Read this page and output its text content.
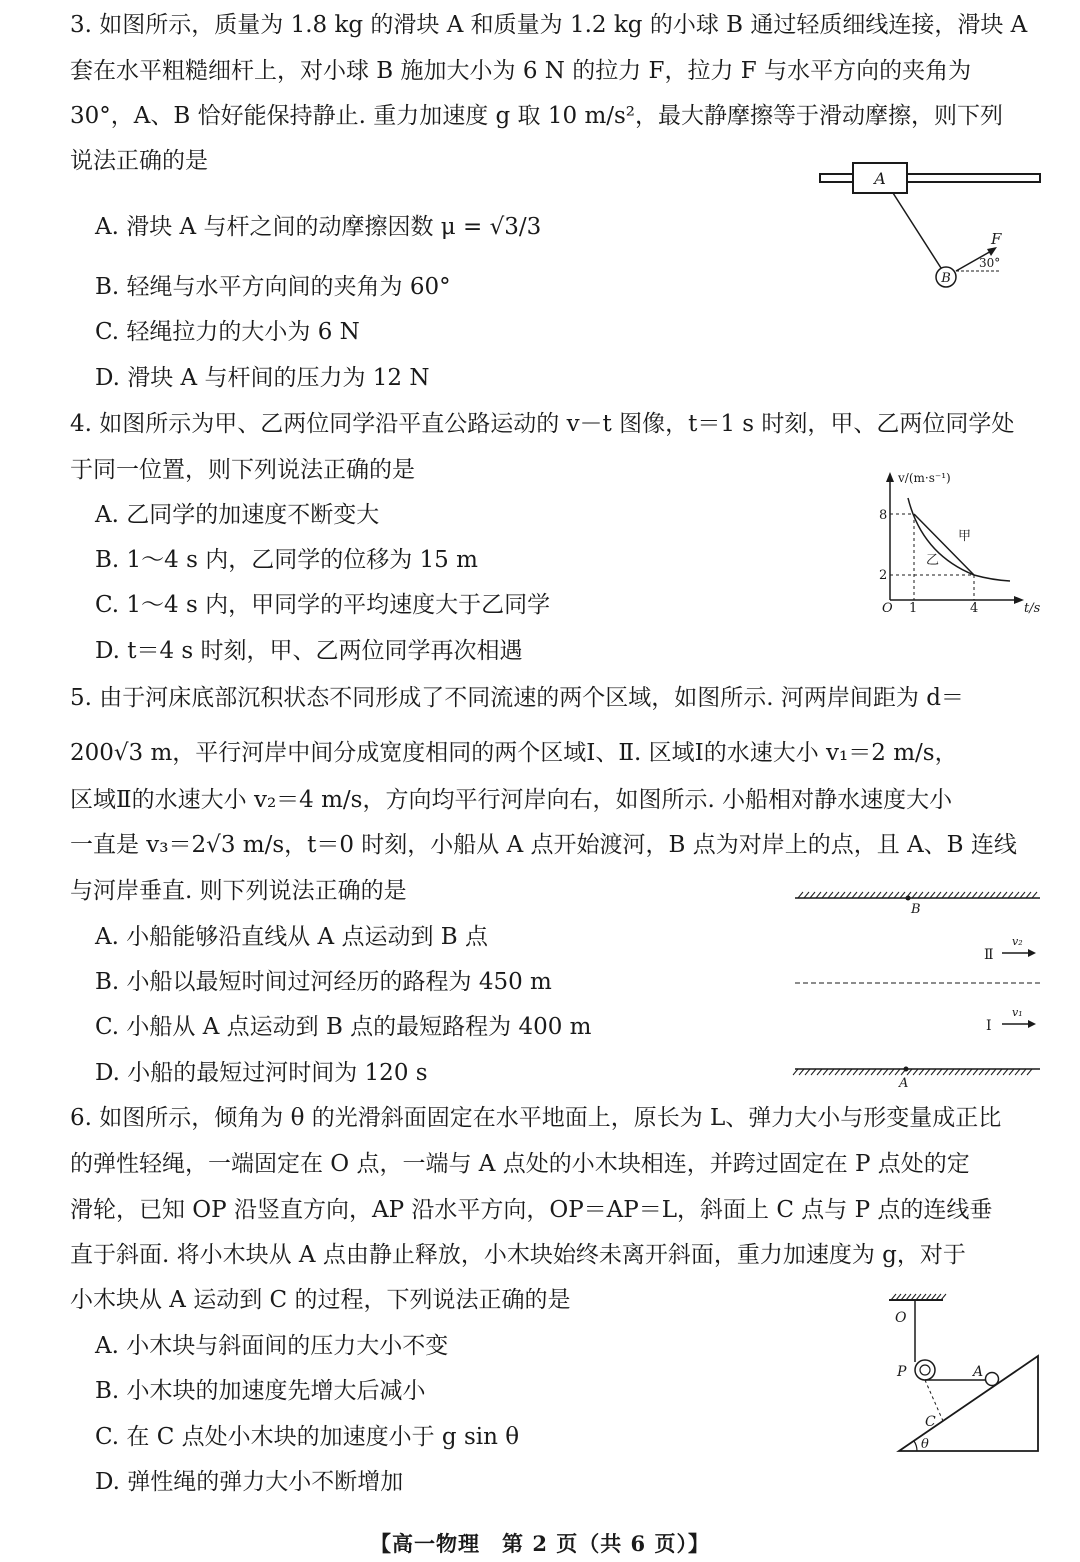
3. 如图所示，质量为 1.8 kg 的滑块 A 和质量为 1.2 kg 的小球 B 通过轻质细线连接，滑块 A
套在水平粗糙细杆上，对小球 B 施加大小为 6 N 的拉力 F，拉力 F 与水平方向的夹角为
30°，A、B 恰好能保持静止. 重力加速度 g 取 10 m/s²，最大静摩擦等于滑动摩擦，则下列
说法正确的是
A. 滑块 A 与杆之间的动摩擦因数 μ = √3/3
B. 轻绳与水平方向间的夹角为 60°
C. 轻绳拉力的大小为 6 N
D. 滑块 A 与杆间的压力为 12 N
A
B
F
30°
4. 如图所示为甲、乙两位同学沿平直公路运动的 v－t 图像，t＝1 s 时刻，甲、乙两位同学处
于同一位置，则下列说法正确的是
A. 乙同学的加速度不断变大
B. 1～4 s 内，乙同学的位移为 15 m
C. 1～4 s 内，甲同学的平均速度大于乙同学
D. t＝4 s 时刻，甲、乙两位同学再次相遇
v/(m·s⁻¹)
t/s
O
8
2
1	4
甲
乙
5. 由于河床底部沉积状态不同形成了不同流速的两个区域，如图所示. 河两岸间距为 d＝
200√3 m，平行河岸中间分成宽度相同的两个区域Ⅰ、Ⅱ. 区域Ⅰ的水速大小 v₁＝2 m/s，
区域Ⅱ的水速大小 v₂＝4 m/s，方向均平行河岸向右，如图所示. 小船相对静水速度大小
一直是 v₃＝2√3 m/s，t＝0 时刻，小船从 A 点开始渡河，B 点为对岸上的点，且 A、B 连线
与河岸垂直. 则下列说法正确的是
A. 小船能够沿直线从 A 点运动到 B 点
B. 小船以最短时间过河经历的路程为 450 m
C. 小船从 A 点运动到 B 点的最短路程为 400 m
D. 小船的最短过河时间为 120 s
B
A
Ⅱ
v₂
Ⅰ
v₁
6. 如图所示，倾角为 θ 的光滑斜面固定在水平地面上，原长为 L、弹力大小与形变量成正比
的弹性轻绳，一端固定在 O 点，一端与 A 点处的小木块相连，并跨过固定在 P 点处的定
滑轮，已知 OP 沿竖直方向，AP 沿水平方向，OP＝AP＝L，斜面上 C 点与 P 点的连线垂
直于斜面. 将小木块从 A 点由静止释放，小木块始终未离开斜面，重力加速度为 g，对于
小木块从 A 运动到 C 的过程，下列说法正确的是
A. 小木块与斜面间的压力大小不变
B. 小木块的加速度先增大后减小
C. 在 C 点处小木块的加速度小于 g sin θ
D. 弹性绳的弹力大小不断增加
O
P	A
C
θ
【高一物理　第 2 页（共 6 页）】
